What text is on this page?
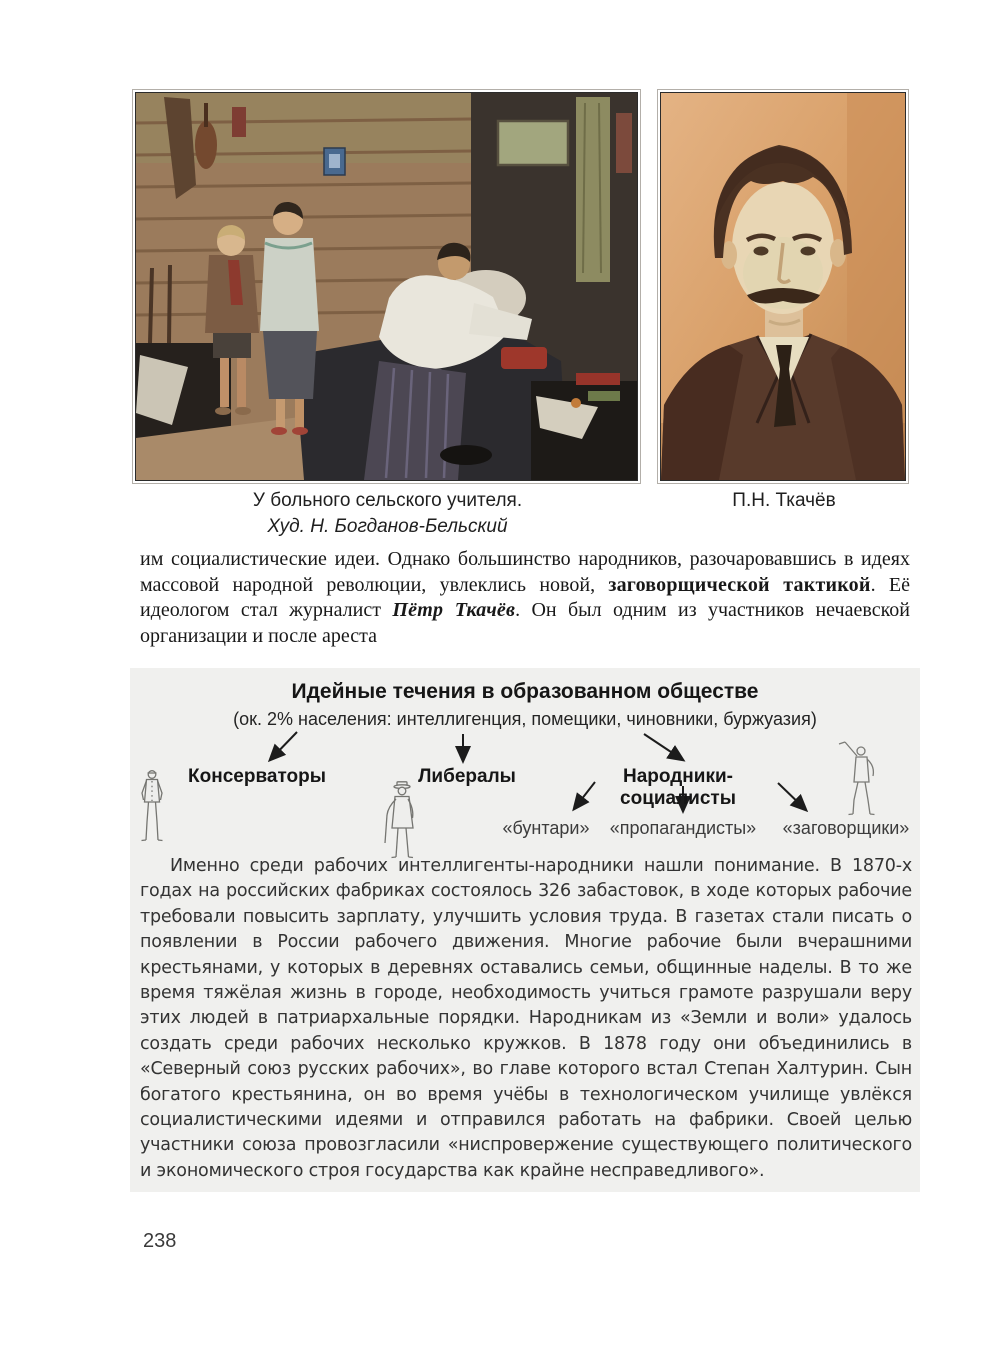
У больного сельского учителя.
Худ. Н. Богданов-Бельский
П.Н. Ткачёв

им социалистические идеи. Однако большинство народников, разочаровавшись в идеях массовой народной революции, увлеклись новой, заговорщической тактикой. Её идеологом стал журналист Пётр Ткачёв. Он был одним из участников нечаевской организации и после ареста

Идейные течения в образованном обществе
(ок. 2% населения: интеллигенция, помещики, чиновники, буржуазия)
Консерваторы	Либералы	Народники-социалисты
«бунтари»	«пропагандисты»	«заговорщики»

Именно среди рабочих интеллигенты-народники нашли понимание. В 1870-х годах на российских фабриках состоялось 326 забастовок, в ходе которых рабочие требовали повысить зарплату, улучшить условия труда. В газетах стали писать о появлении в России рабочего движения. Многие рабочие были вчерашними крестьянами, у которых в деревнях оставались семьи, общинные наделы. В то же время тяжёлая жизнь в городе, необходимость учиться грамоте разрушали веру этих людей в патриархальные порядки. Народникам из «Земли и воли» удалось создать среди рабочих несколько кружков. В 1878 году они объединились в «Северный союз русских рабочих», во главе которого встал Степан Халтурин. Сын богатого крестьянина, он во время учёбы в технологическом училище увлёкся социалистическими идеями и отправился работать на фабрики. Своей целью участники союза провозгласили «ниспровержение существующего политического и экономического строя государства как крайне несправедливого».

238
